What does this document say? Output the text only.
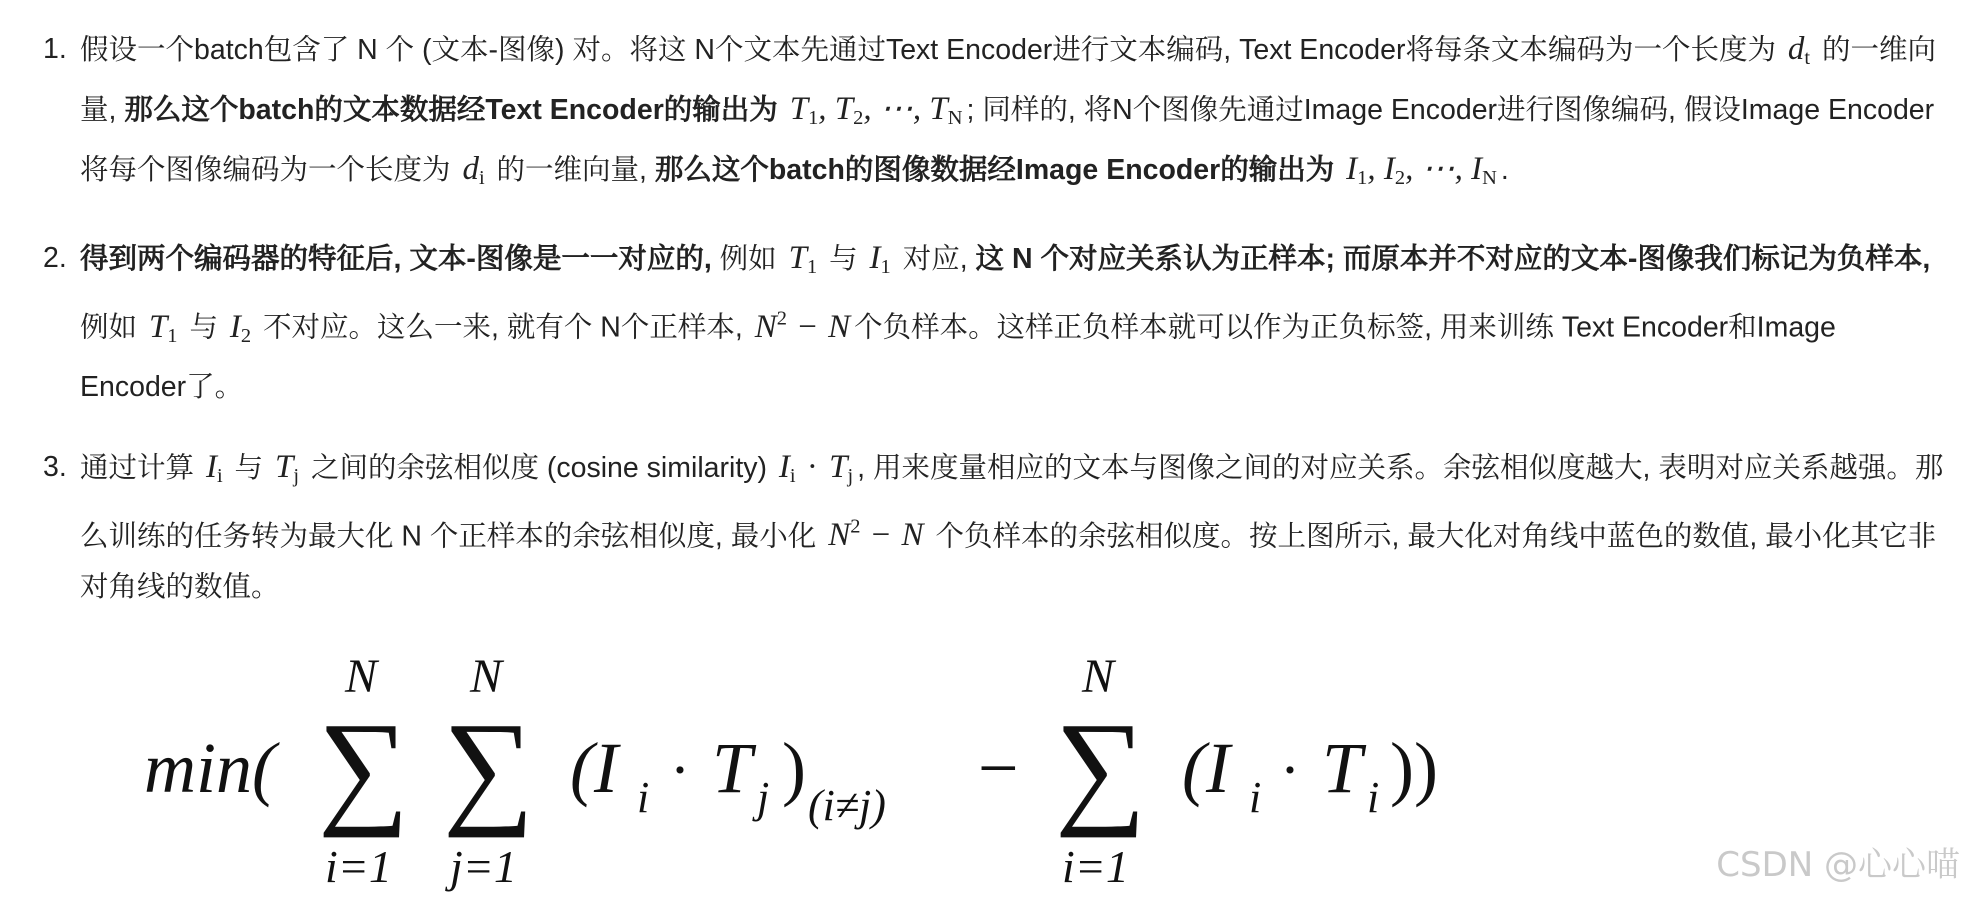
1. 假设一个batch包含了 N 个 (文本-图像) 对。将这 N个文本先通过Text Encoder进行文本编码, Text Encoder将每条文本编码为一个长度为 $d_t$ 的一维向量, 那么这个batch的文本数据经Text Encoder的输出为 $T_1$, $T_2$, ⋯, $T_N$ ; 同样的, 将N个图像先通过Image Encoder进行图像编码, 假设Image Encoder将每个图像编码为一个长度为 $d_i$ 的一维向量, 那么这个batch的图像数据经Image Encoder的输出为 $I_1$, $I_2$, ⋯, $I_N$ .
2. 得到两个编码器的特征后, 文本-图像是一一对应的, 例如 $T_1$ 与 $I_1$ 对应, 这 N 个对应关系认为正样本; 而原本并不对应的文本-图像我们标记为负样本, 例如 $T_1$ 与 $I_2$ 不对应。这么一来, 就有个 N个正样本, $N^2 - N$ 个负样本。这样正负样本就可以作为正负标签, 用来训练 Text Encoder和Image Encoder了。
3. 通过计算 $I_i$ 与 $T_j$ 之间的余弦相似度 (cosine similarity) $I_i \cdot T_j$ , 用来度量相应的文本与图像之间的对应关系。余弦相似度越大, 表明对应关系越强。那么训练的任务转为最大化 N 个正样本的余弦相似度, 最小化 $N^2 - N$ 个负样本的余弦相似度。按上图所示, 最大化对角线中蓝色的数值, 最小化其它非对角线的数值。
min( ∑
N
i=1
∑
N
j=1
(I i · T j ) (i≠j) − ∑
N
i=1
(I i · T i ))
CSDN @心心喵
